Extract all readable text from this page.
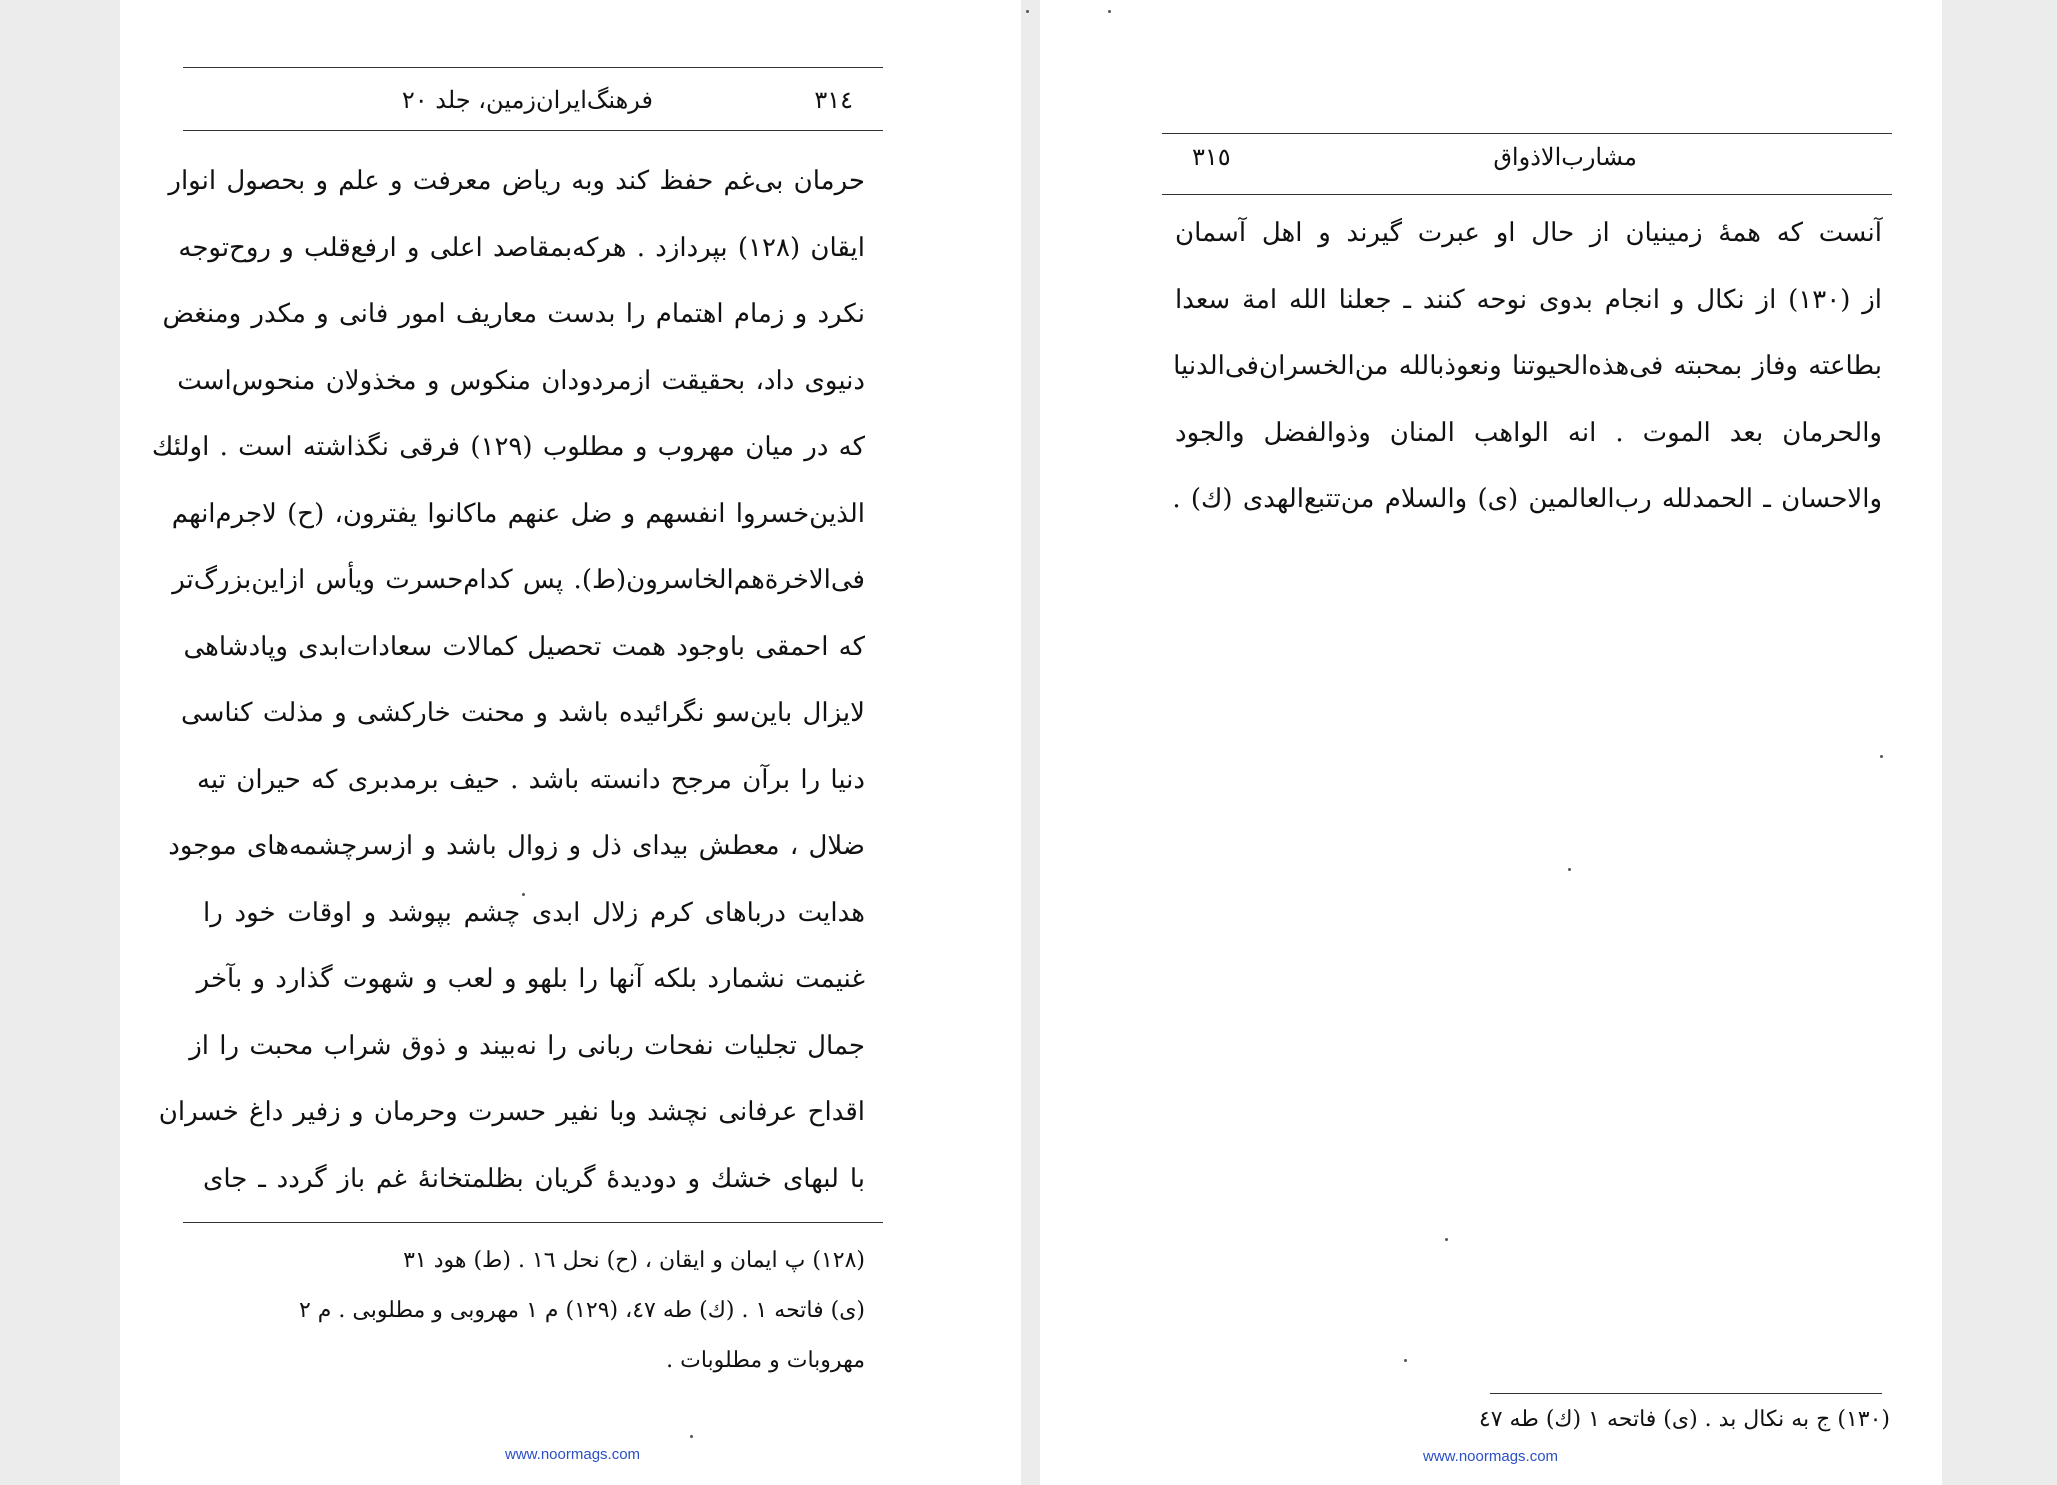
٣١٤
فرهنگ‌ایران‌زمین، جلد ٢٠
حرمان بی‌غم حفظ کند وبه ریاض معرفت و علم و بحصول انوار
ایقان (١٢٨) بپردازد . هرکه‌بمقاصد اعلی و ارفع‌قلب و روح‌توجه
نکرد و زمام اهتمام را بدست معاریف امور فانی و مکدر ومنغض
دنیوی داد، بحقیقت ازمردودان منکوس و مخذولان منحوس‌است
که در میان مهروب و مطلوب (١٢٩) فرقی نگذاشته است . اولئك
الذین‌خسروا انفسهم و ضل عنهم ماکانوا یفترون، (ح) لاجرم‌انهم
فی‌الاخرةهم‌الخاسرون(ط). پس کدام‌حسرت ویأس ازاین‌بزرگ‌تر
که احمقی باوجود همت تحصیل کمالات سعادات‌ابدی وپادشاهی
لایزال باین‌سو نگرائیده باشد و محنت خارکشی و مذلت کناسی
دنیا را برآن مرجح دانسته باشد . حیف برمدبری که حیران تیه
ضلال ، معطش بیدای ذل و زوال باشد و ازسرچشمه‌های موجود
هدایت درباهای کرم زلال ابدی چشم بپوشد و اوقات خود را
غنیمت نشمارد بلکه آنها را بلهو و لعب و شهوت گذارد و بآخر
جمال تجلیات نفحات ربانی را نه‌بیند و ذوق شراب محبت را از
اقداح عرفانی نچشد وبا نفیر حسرت وحرمان و زفیر داغ خسران
با لبهای خشك و دودیدهٔ گریان بظلمتخانهٔ غم باز گردد ـ جای
(١٢٨) پ ایمان و ایقان ، (ح) نحل ١٦ . (ط) هود ٣١
(ی) فاتحه ١ . (ك) طه ٤٧، (١٢٩) م ١ مهروبی و مطلوبی . م ٢
مهروبات و مطلوبات .
www.noormags.com
مشارب‌الاذواق
٣١٥
آنست که همهٔ زمینیان از حال او عبرت گیرند و اهل آسمان
از (١٣٠) از نکال و انجام بدوی نوحه کنند ـ جعلنا الله امة سعدا
بطاعته وفاز بمحبته فی‌هذه‌الحیوتنا ونعوذبالله من‌الخسران‌فی‌الدنیا
والحرمان بعد الموت . انه الواهب المنان وذوالفضل والجود
والاحسان ـ الحمدلله رب‌العالمین (ی) والسلام من‌تتبع‌الهدی (ك) .
(١٣٠) ج به نکال بد . (ی) فاتحه ١ (ك) طه ٤٧
www.noormags.com
